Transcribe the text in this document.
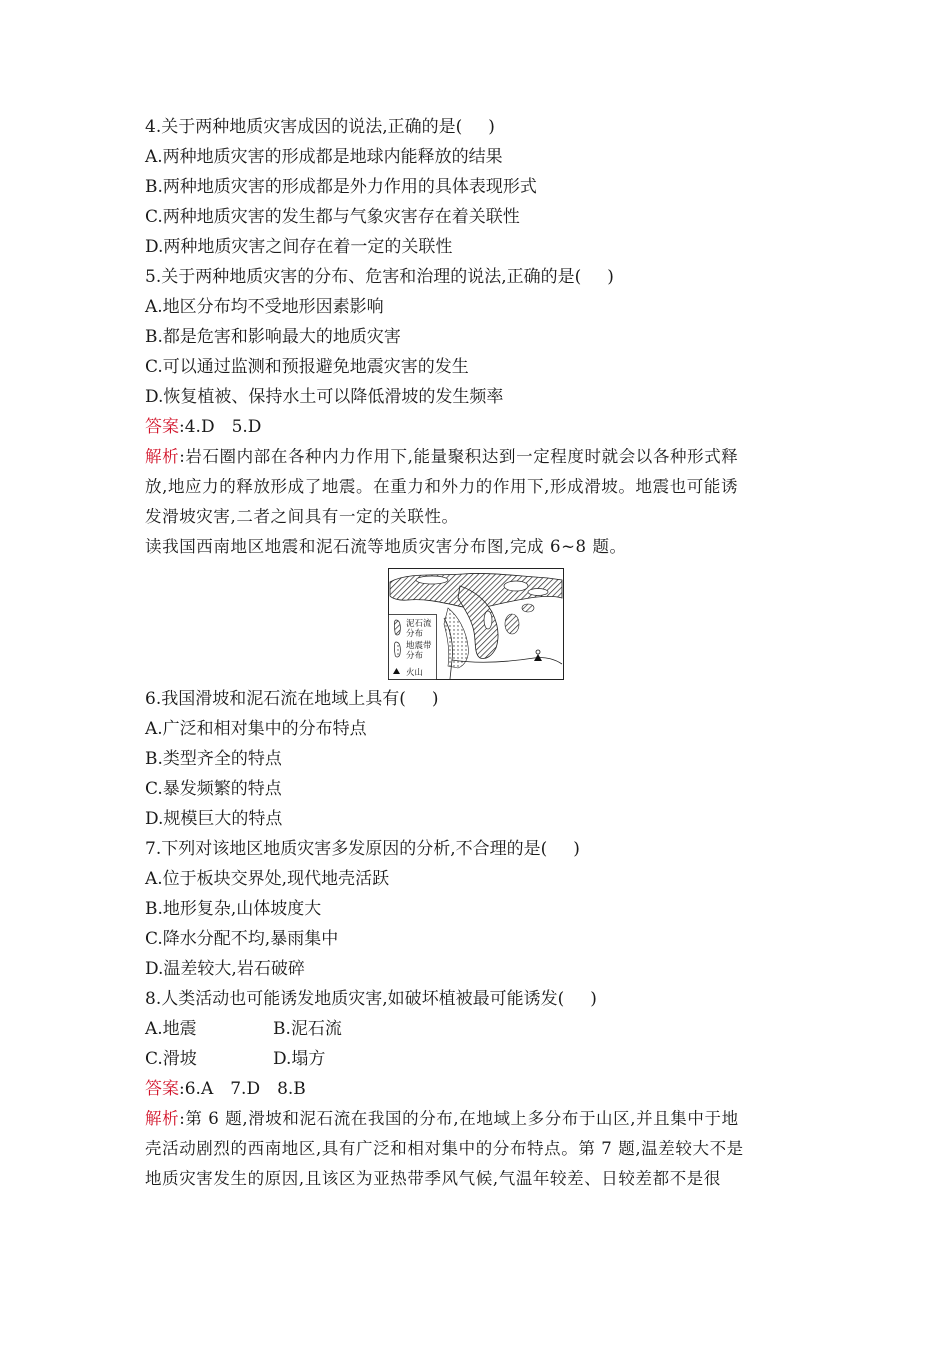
4.关于两种地质灾害成因的说法,正确的是( )
A.两种地质灾害的形成都是地球内能释放的结果
B.两种地质灾害的形成都是外力作用的具体表现形式
C.两种地质灾害的发生都与气象灾害存在着关联性
D.两种地质灾害之间存在着一定的关联性
5.关于两种地质灾害的分布、危害和治理的说法,正确的是( )
A.地区分布均不受地形因素影响
B.都是危害和影响最大的地质灾害
C.可以通过监测和预报避免地震灾害的发生
D.恢复植被、保持水土可以降低滑坡的发生频率
答案:4.D　5.D
解析:岩石圈内部在各种内力作用下,能量聚积达到一定程度时就会以各种形式释
放,地应力的释放形成了地震。在重力和外力的作用下,形成滑坡。地震也可能诱
发滑坡灾害,二者之间具有一定的关联性。
读我国西南地区地震和泥石流等地质灾害分布图,完成 6~8 题。
泥石流
分布
地震带
分布
火山
6.我国滑坡和泥石流在地域上具有( )
A.广泛和相对集中的分布特点
B.类型齐全的特点
C.暴发频繁的特点
D.规模巨大的特点
7.下列对该地区地质灾害多发原因的分析,不合理的是( )
A.位于板块交界处,现代地壳活跃
B.地形复杂,山体坡度大
C.降水分配不均,暴雨集中
D.温差较大,岩石破碎
8.人类活动也可能诱发地质灾害,如破坏植被最可能诱发( )
A.地震	B.泥石流
C.滑坡	D.塌方
答案:6.A　7.D　8.B
解析:第 6 题,滑坡和泥石流在我国的分布,在地域上多分布于山区,并且集中于地
壳活动剧烈的西南地区,具有广泛和相对集中的分布特点。第 7 题,温差较大不是
地质灾害发生的原因,且该区为亚热带季风气候,气温年较差、日较差都不是很
